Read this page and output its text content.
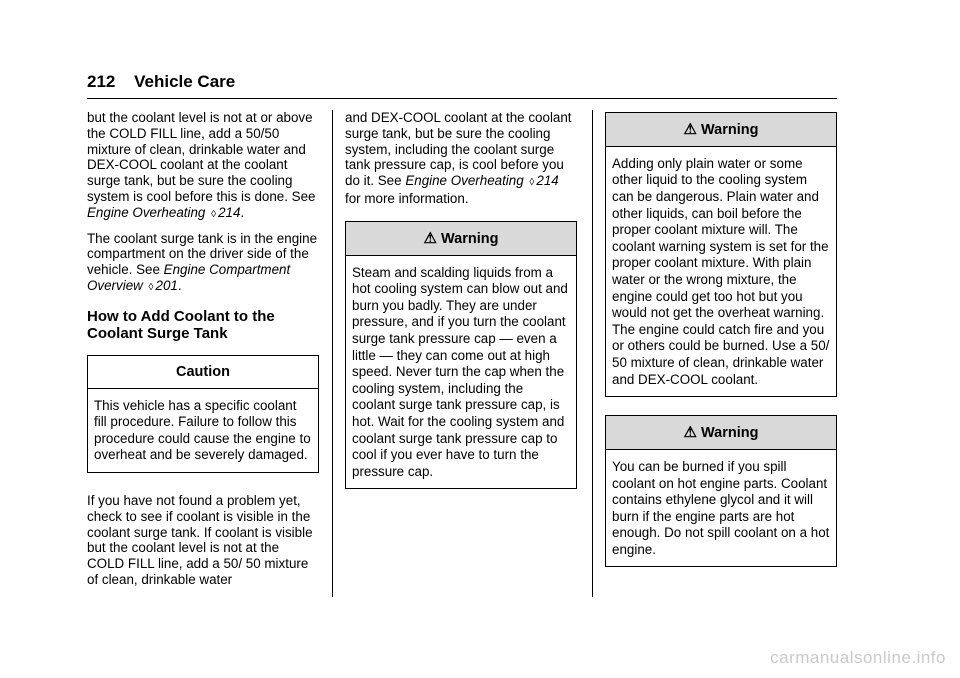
212 Vehicle Care

but the coolant level is not at or above the COLD FILL line, add a 50/50 mixture of clean, drinkable water and DEX-COOL coolant at the coolant surge tank, but be sure the cooling system is cool before this is done. See Engine Overheating ◊ 214.

The coolant surge tank is in the engine compartment on the driver side of the vehicle. See Engine Compartment Overview ◊ 201.

How to Add Coolant to the Coolant Surge Tank
Caution
This vehicle has a specific coolant fill procedure. Failure to follow this procedure could cause the engine to overheat and be severely damaged.

If you have not found a problem yet, check to see if coolant is visible in the coolant surge tank. If coolant is visible but the coolant level is not at the COLD FILL line, add a 50/ 50 mixture of clean, drinkable water

and DEX-COOL coolant at the coolant surge tank, but be sure the cooling system, including the coolant surge tank pressure cap, is cool before you do it. See Engine Overheating ◊ 214 for more information.

⚠ Warning
Steam and scalding liquids from a hot cooling system can blow out and burn you badly. They are under pressure, and if you turn the coolant surge tank pressure cap — even a little — they can come out at high speed. Never turn the cap when the cooling system, including the coolant surge tank pressure cap, is hot. Wait for the cooling system and coolant surge tank pressure cap to cool if you ever have to turn the pressure cap.
⚠ Warning
Adding only plain water or some other liquid to the cooling system can be dangerous. Plain water and other liquids, can boil before the proper coolant mixture will. The coolant warning system is set for the proper coolant mixture. With plain water or the wrong mixture, the engine could get too hot but you would not get the overheat warning. The engine could catch fire and you or others could be burned. Use a 50/ 50 mixture of clean, drinkable water and DEX-COOL coolant.
⚠ Warning
You can be burned if you spill coolant on hot engine parts. Coolant contains ethylene glycol and it will burn if the engine parts are hot enough. Do not spill coolant on a hot engine.
carmanualsonline.info
